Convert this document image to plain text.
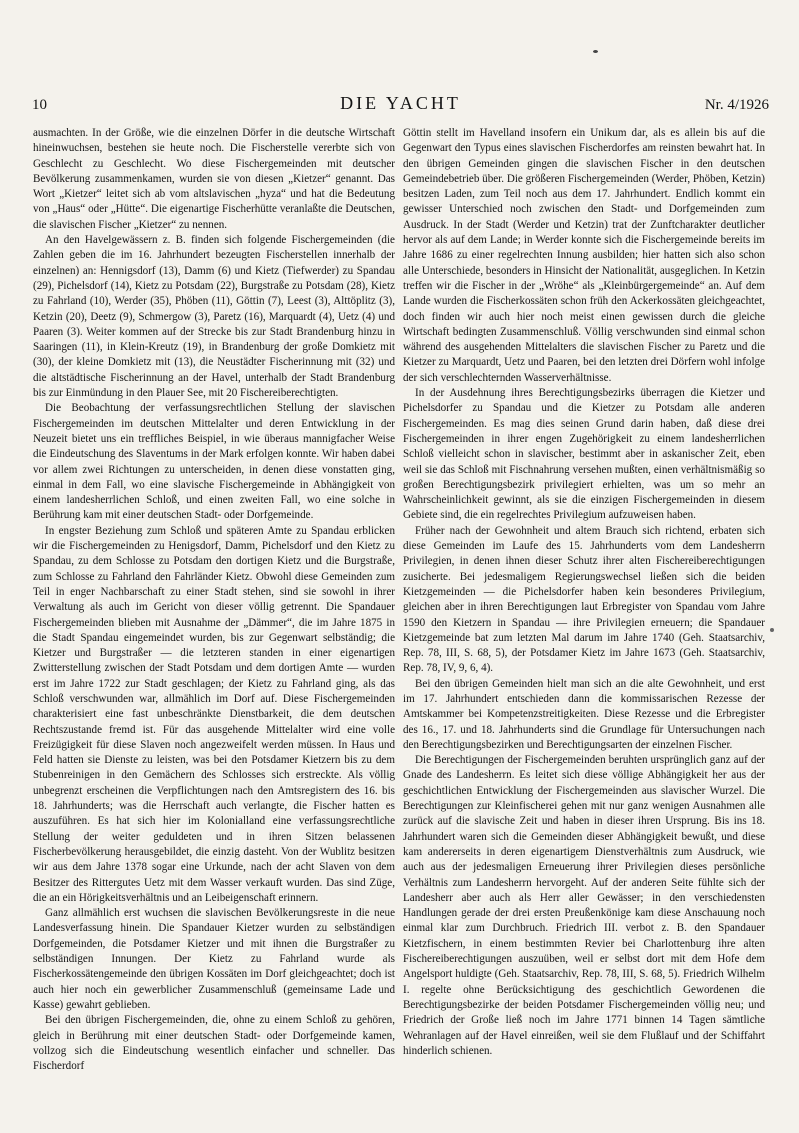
10	DIE YACHT	Nr. 4/1926

ausmachten. In der Größe, wie die einzelnen Dörfer in die deutsche Wirtschaft hineinwuchsen, bestehen sie heute noch. Die Fischerstelle vererbte sich von Geschlecht zu Geschlecht. Wo diese Fischergemeinden mit deutscher Bevölkerung zusammenkamen, wurden sie von diesen „Kietzer“ genannt. Das Wort „Kietzer“ leitet sich ab vom altslavischen „hyza“ und hat die Bedeutung von „Haus“ oder „Hütte“. Die eigenartige Fischerhütte veranlaßte die Deutschen, die slavischen Fischer „Kietzer“ zu nennen.

An den Havelgewässern z. B. finden sich folgende Fischergemeinden (die Zahlen geben die im 16. Jahrhundert bezeugten Fischerstellen innerhalb der einzelnen) an: Hennigsdorf (13), Damm (6) und Kietz (Tiefwerder) zu Spandau (29), Pichelsdorf (14), Kietz zu Potsdam (22), Burgstraße zu Potsdam (28), Kietz zu Fahrland (10), Werder (35), Phöben (11), Göttin (7), Leest (3), Alttöplitz (3), Ketzin (20), Deetz (9), Schmergow (3), Paretz (16), Marquardt (4), Uetz (4) und Paaren (3). Weiter kommen auf der Strecke bis zur Stadt Brandenburg hinzu in Saaringen (11), in Klein-Kreutz (19), in Brandenburg der große Domkietz mit (30), der kleine Domkietz mit (13), die Neustädter Fischerinnung mit (32) und die altstädtische Fischerinnung an der Havel, unterhalb der Stadt Brandenburg bis zur Einmündung in den Plauer See, mit 20 Fischereiberechtigten.

Die Beobachtung der verfassungsrechtlichen Stellung der slavischen Fischergemeinden im deutschen Mittelalter und deren Entwicklung in der Neuzeit bietet uns ein treffliches Beispiel, in wie überaus mannigfacher Weise die Eindeutschung des Slaventums in der Mark erfolgen konnte. Wir haben dabei vor allem zwei Richtungen zu unterscheiden, in denen diese vonstatten ging, einmal in dem Fall, wo eine slavische Fischergemeinde in Abhängigkeit von einem landesherrlichen Schloß, und einen zweiten Fall, wo eine solche in Berührung kam mit einer deutschen Stadt- oder Dorfgemeinde.

In engster Beziehung zum Schloß und späteren Amte zu Spandau erblicken wir die Fischergemeinden zu Henigsdorf, Damm, Pichelsdorf und den Kietz zu Spandau, zu dem Schlosse zu Potsdam den dortigen Kietz und die Burgstraße, zum Schlosse zu Fahrland den Fahrländer Kietz. Obwohl diese Gemeinden zum Teil in enger Nachbarschaft zu einer Stadt stehen, sind sie sowohl in ihrer Verwaltung als auch im Gericht von dieser völlig getrennt. Die Spandauer Fischergemeinden blieben mit Ausnahme der „Dämmer“, die im Jahre 1875 in die Stadt Spandau eingemeindet wurden, bis zur Gegenwart selbständig; die Kietzer und Burgstraßer — die letzteren standen in einer eigenartigen Zwitterstellung zwischen der Stadt Potsdam und dem dortigen Amte — wurden erst im Jahre 1722 zur Stadt geschlagen; der Kietz zu Fahrland ging, als das Schloß verschwunden war, allmählich im Dorf auf. Diese Fischergemeinden charakterisiert eine fast unbeschränkte Dienstbarkeit, die dem deutschen Rechtszustande fremd ist. Für das ausgehende Mittelalter wird eine volle Freizügigkeit für diese Slaven noch angezweifelt werden müssen. In Haus und Feld hatten sie Dienste zu leisten, was bei den Potsdamer Kietzern bis zu dem Stubenreinigen in den Gemächern des Schlosses sich erstreckte. Als völlig unbegrenzt erscheinen die Verpflichtungen nach den Amtsregistern des 16. bis 18. Jahrhunderts; was die Herrschaft auch verlangte, die Fischer hatten es auszuführen. Es hat sich hier im Kolonialland eine verfassungsrechtliche Stellung der weiter geduldeten und in ihren Sitzen belassenen Fischerbevölkerung herausgebildet, die einzig dasteht. Von der Wublitz besitzen wir aus dem Jahre 1378 sogar eine Urkunde, nach der acht Slaven von dem Besitzer des Rittergutes Uetz mit dem Wasser verkauft wurden. Das sind Züge, die an ein Hörigkeitsverhältnis und an Leibeigenschaft erinnern.

Ganz allmählich erst wuchsen die slavischen Bevölkerungsreste in die neue Landesverfassung hinein. Die Spandauer Kietzer wurden zu selbständigen Dorfgemeinden, die Potsdamer Kietzer und mit ihnen die Burgstraßer zu selbständigen Innungen. Der Kietz zu Fahrland wurde als Fischerkossätengemeinde den übrigen Kossäten im Dorf gleichgeachtet; doch ist auch hier noch ein gewerblicher Zusammenschluß (gemeinsame Lade und Kasse) gewahrt geblieben.

Bei den übrigen Fischergemeinden, die, ohne zu einem Schloß zu gehören, gleich in Berührung mit einer deutschen Stadt- oder Dorfgemeinde kamen, vollzog sich die Eindeutschung wesentlich einfacher und schneller. Das Fischerdorf

Göttin stellt im Havelland insofern ein Unikum dar, als es allein bis auf die Gegenwart den Typus eines slavischen Fischerdorfes am reinsten bewahrt hat. In den übrigen Gemeinden gingen die slavischen Fischer in den deutschen Gemeindebetrieb über. Die größeren Fischergemeinden (Werder, Phöben, Ketzin) besitzen Laden, zum Teil noch aus dem 17. Jahrhundert. Endlich kommt ein gewisser Unterschied noch zwischen den Stadt- und Dorfgemeinden zum Ausdruck. In der Stadt (Werder und Ketzin) trat der Zunftcharakter deutlicher hervor als auf dem Lande; in Werder konnte sich die Fischergemeinde bereits im Jahre 1686 zu einer regelrechten Innung ausbilden; hier hatten sich also schon alle Unterschiede, besonders in Hinsicht der Nationalität, ausgeglichen. In Ketzin treffen wir die Fischer in der „Wröhe“ als „Kleinbürgergemeinde“ an. Auf dem Lande wurden die Fischerkossäten schon früh den Ackerkossäten gleichgeachtet, doch finden wir auch hier noch meist einen gewissen durch die gleiche Wirtschaft bedingten Zusammenschluß. Völlig verschwunden sind einmal schon während des ausgehenden Mittelalters die slavischen Fischer zu Paretz und die Kietzer zu Marquardt, Uetz und Paaren, bei den letzten drei Dörfern wohl infolge der sich verschlechternden Wasserverhältnisse.

In der Ausdehnung ihres Berechtigungsbezirks überragen die Kietzer und Pichelsdorfer zu Spandau und die Kietzer zu Potsdam alle anderen Fischergemeinden. Es mag dies seinen Grund darin haben, daß diese drei Fischergemeinden in ihrer engen Zugehörigkeit zu einem landesherrlichen Schloß vielleicht schon in slavischer, bestimmt aber in askanischer Zeit, eben weil sie das Schloß mit Fischnahrung versehen mußten, einen verhältnismäßig so großen Berechtigungsbezirk privilegiert erhielten, was um so mehr an Wahrscheinlichkeit gewinnt, als sie die einzigen Fischergemeinden in diesem Gebiete sind, die ein regelrechtes Privilegium aufzuweisen haben.

Früher nach der Gewohnheit und altem Brauch sich richtend, erbaten sich diese Gemeinden im Laufe des 15. Jahrhunderts vom dem Landesherrn Privilegien, in denen ihnen dieser Schutz ihrer alten Fischereiberechtigungen zusicherte. Bei jedesmaligem Regierungswechsel ließen sich die beiden Kietzgemeinden — die Pichelsdorfer haben kein besonderes Privilegium, gleichen aber in ihren Berechtigungen laut Erbregister von Spandau vom Jahre 1590 den Kietzern in Spandau — ihre Privilegien erneuern; die Spandauer Kietzgemeinde bat zum letzten Mal darum im Jahre 1740 (Geh. Staatsarchiv, Rep. 78, III, S. 68, 5), der Potsdamer Kietz im Jahre 1673 (Geh. Staatsarchiv, Rep. 78, IV, 9, 6, 4).

Bei den übrigen Gemeinden hielt man sich an die alte Gewohnheit, und erst im 17. Jahrhundert entschieden dann die kommissarischen Rezesse der Amtskammer bei Kompetenzstreitigkeiten. Diese Rezesse und die Erbregister des 16., 17. und 18. Jahrhunderts sind die Grundlage für Untersuchungen nach den Berechtigungsbezirken und Berechtigungsarten der einzelnen Fischer.

Die Berechtigungen der Fischergemeinden beruhten ursprünglich ganz auf der Gnade des Landesherrn. Es leitet sich diese völlige Abhängigkeit her aus der geschichtlichen Entwicklung der Fischergemeinden aus slavischer Wurzel. Die Berechtigungen zur Kleinfischerei gehen mit nur ganz wenigen Ausnahmen alle zurück auf die slavische Zeit und haben in dieser ihren Ursprung. Bis ins 18. Jahrhundert waren sich die Gemeinden dieser Abhängigkeit bewußt, und diese kam andererseits in deren eigenartigem Dienstverhältnis zum Ausdruck, wie auch aus der jedesmaligen Erneuerung ihrer Privilegien dieses persönliche Verhältnis zum Landesherrn hervorgeht. Auf der anderen Seite fühlte sich der Landesherr aber auch als Herr aller Gewässer; in den verschiedensten Handlungen gerade der drei ersten Preußenkönige kam diese Anschauung noch einmal klar zum Durchbruch. Friedrich III. verbot z. B. den Spandauer Kietzfischern, in einem bestimmten Revier bei Charlottenburg ihre alten Fischereiberechtigungen auszuüben, weil er selbst dort mit dem Hofe dem Angelsport huldigte (Geh. Staatsarchiv, Rep. 78, III, S. 68, 5). Friedrich Wilhelm I. regelte ohne Berücksichtigung des geschichtlich Gewordenen die Berechtigungsbezirke der beiden Potsdamer Fischergemeinden völlig neu; und Friedrich der Große ließ noch im Jahre 1771 binnen 14 Tagen sämtliche Wehranlagen auf der Havel einreißen, weil sie dem Flußlauf und der Schiffahrt hinderlich schienen.
